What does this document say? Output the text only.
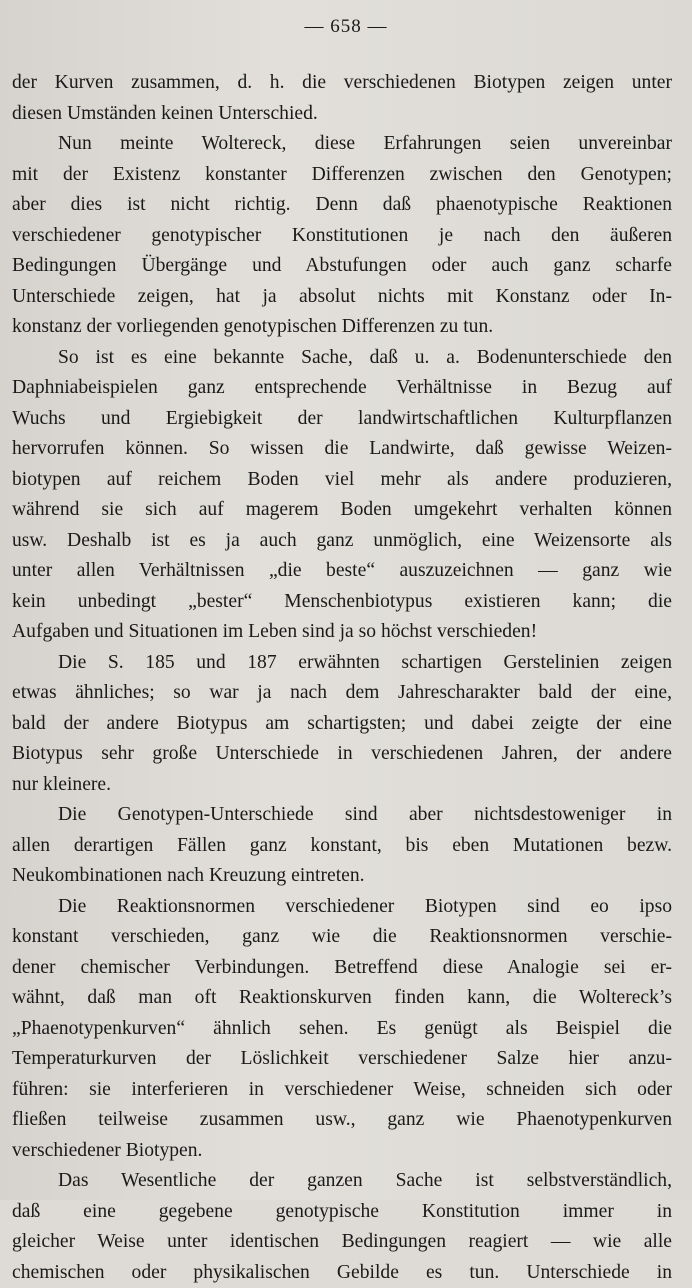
— 658 —
der Kurven zusammen, d. h. die verschiedenen Biotypen zeigen unter
diesen Umständen keinen Unterschied.
Nun meinte Woltereck, diese Erfahrungen seien unvereinbar
mit der Existenz konstanter Differenzen zwischen den Genotypen;
aber dies ist nicht richtig. Denn daß phaenotypische Reaktionen
verschiedener genotypischer Konstitutionen je nach den äußeren
Bedingungen Übergänge und Abstufungen oder auch ganz scharfe
Unterschiede zeigen, hat ja absolut nichts mit Konstanz oder In-
konstanz der vorliegenden genotypischen Differenzen zu tun.
So ist es eine bekannte Sache, daß u. a. Bodenunterschiede den
Daphniabeispielen ganz entsprechende Verhältnisse in Bezug auf
Wuchs und Ergiebigkeit der landwirtschaftlichen Kulturpflanzen
hervorrufen können. So wissen die Landwirte, daß gewisse Weizen-
biotypen auf reichem Boden viel mehr als andere produzieren,
während sie sich auf magerem Boden umgekehrt verhalten können
usw. Deshalb ist es ja auch ganz unmöglich, eine Weizensorte als
unter allen Verhältnissen „die beste“ auszuzeichnen — ganz wie
kein unbedingt „bester“ Menschenbiotypus existieren kann; die
Aufgaben und Situationen im Leben sind ja so höchst verschieden!
Die S. 185 und 187 erwähnten schartigen Gerstelinien zeigen
etwas ähnliches; so war ja nach dem Jahrescharakter bald der eine,
bald der andere Biotypus am schartigsten; und dabei zeigte der eine
Biotypus sehr große Unterschiede in verschiedenen Jahren, der andere
nur kleinere.
Die Genotypen-Unterschiede sind aber nichtsdestoweniger in
allen derartigen Fällen ganz konstant, bis eben Mutationen bezw.
Neukombinationen nach Kreuzung eintreten.
Die Reaktionsnormen verschiedener Biotypen sind eo ipso
konstant verschieden, ganz wie die Reaktionsnormen verschie-
dener chemischer Verbindungen. Betreffend diese Analogie sei er-
wähnt, daß man oft Reaktionskurven finden kann, die Woltereck’s
„Phaenotypenkurven“ ähnlich sehen. Es genügt als Beispiel die
Temperaturkurven der Löslichkeit verschiedener Salze hier anzu-
führen: sie interferieren in verschiedener Weise, schneiden sich oder
fließen teilweise zusammen usw., ganz wie Phaenotypenkurven
verschiedener Biotypen.
Das Wesentliche der ganzen Sache ist selbstverständlich,
daß eine gegebene genotypische Konstitution immer in
gleicher Weise unter identischen Bedingungen reagiert — wie alle
chemischen oder physikalischen Gebilde es tun. Unterschiede in
